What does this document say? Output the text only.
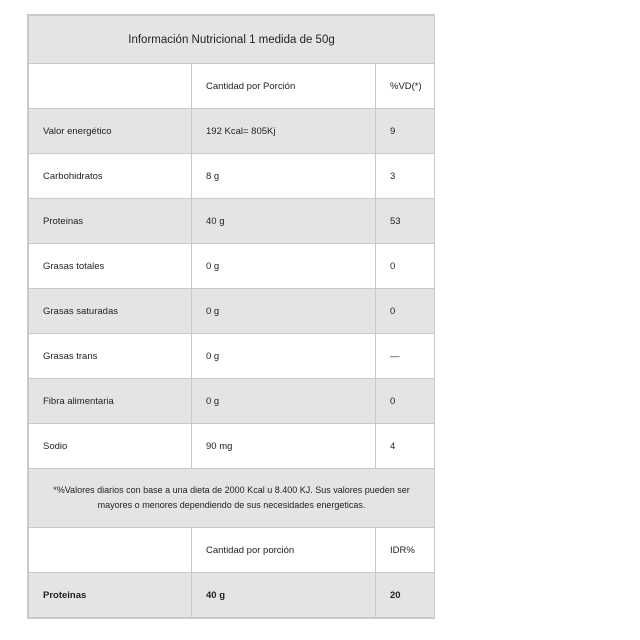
Información Nutricional 1 medida de 50g		
	Cantidad por Porción	%VD(*)
Valor energético	192 Kcal= 805Kj	9
Carbohidratos	8 g	3
Proteinas	40 g	53
Grasas totales	0 g	0
Grasas saturadas	0 g	0
Grasas trans	0 g	—
Fibra alimentaria	0 g	0
Sodio	90 mg	4
*%Valores diarios con base a una dieta de 2000 Kcal u 8.400 KJ. Sus valores pueden ser mayores o menores dependiendo de sus necesidades energeticas.		
	Cantidad por porción	IDR%
Proteinas	40 g	20
